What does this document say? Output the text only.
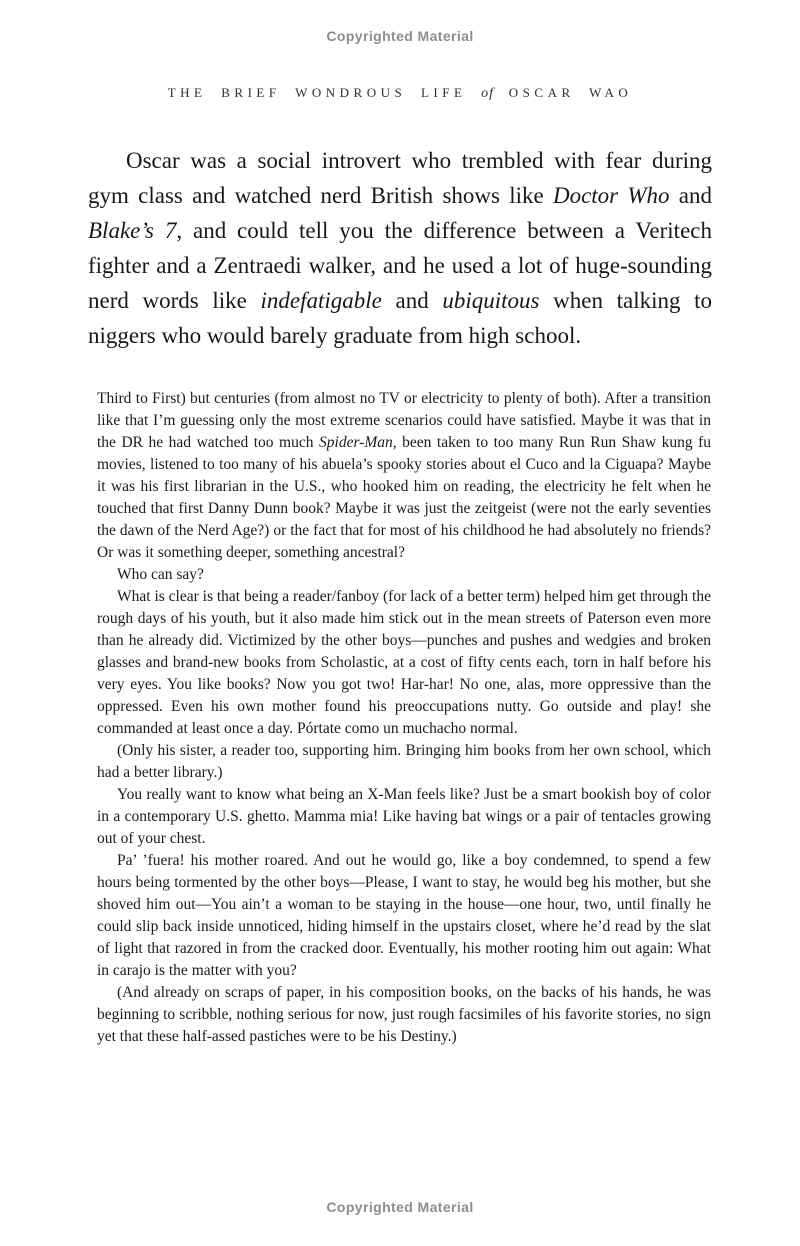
Copyrighted Material
THE BRIEF WONDROUS LIFE of OSCAR WAO
Oscar was a social introvert who trembled with fear during gym class and watched nerd British shows like Doctor Who and Blake’s 7, and could tell you the difference between a Veritech fighter and a Zentraedi walker, and he used a lot of huge-sounding nerd words like indefatigable and ubiquitous when talking to niggers who would barely graduate from high school.

Third to First) but centuries (from almost no TV or electricity to plenty of both). After a transition like that I’m guessing only the most extreme scenarios could have satisfied. Maybe it was that in the DR he had watched too much Spider-Man, been taken to too many Run Run Shaw kung fu movies, listened to too many of his abuela’s spooky stories about el Cuco and la Ciguapa? Maybe it was his first librarian in the U.S., who hooked him on reading, the electricity he felt when he touched that first Danny Dunn book? Maybe it was just the zeitgeist (were not the early seventies the dawn of the Nerd Age?) or the fact that for most of his childhood he had absolutely no friends? Or was it something deeper, something ancestral?

Who can say?

What is clear is that being a reader/fanboy (for lack of a better term) helped him get through the rough days of his youth, but it also made him stick out in the mean streets of Paterson even more than he already did. Victimized by the other boys—punches and pushes and wedgies and broken glasses and brand-new books from Scholastic, at a cost of fifty cents each, torn in half before his very eyes. You like books? Now you got two! Har-har! No one, alas, more oppressive than the oppressed. Even his own mother found his preoccupations nutty. Go outside and play! she commanded at least once a day. Pórtate como un muchacho normal.

(Only his sister, a reader too, supporting him. Bringing him books from her own school, which had a better library.)

You really want to know what being an X-Man feels like? Just be a smart bookish boy of color in a contemporary U.S. ghetto. Mamma mia! Like having bat wings or a pair of tentacles growing out of your chest.

Pa’ ’fuera! his mother roared. And out he would go, like a boy condemned, to spend a few hours being tormented by the other boys—Please, I want to stay, he would beg his mother, but she shoved him out—You ain’t a woman to be staying in the house—one hour, two, until finally he could slip back inside unnoticed, hiding himself in the upstairs closet, where he’d read by the slat of light that razored in from the cracked door. Eventually, his mother rooting him out again: What in carajo is the matter with you?

(And already on scraps of paper, in his composition books, on the backs of his hands, he was beginning to scribble, nothing serious for now, just rough facsimiles of his favorite stories, no sign yet that these half-assed pastiches were to be his Destiny.)

Copyrighted Material
